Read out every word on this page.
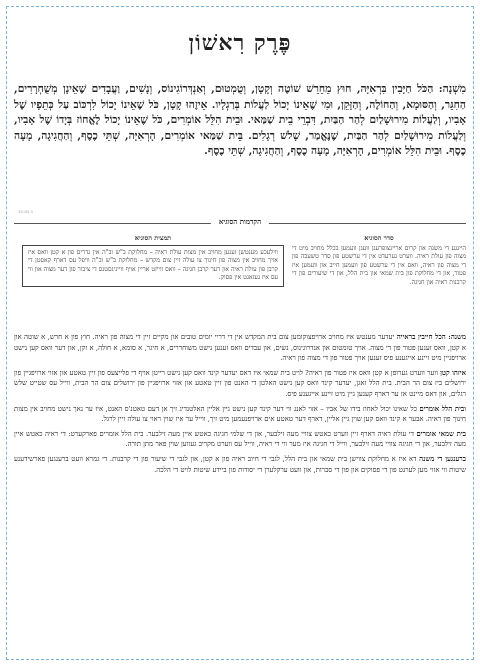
פֶּרֶק רִאשׁוֹן
מִשְׁנָה: הַכֹּל חַיָּבִין בִּרְאִיָּה, חוּץ מֵחֵרֵשׁ שׁוֹטֶה וְקָטָן, וְטֻמְטוּם, וְאַנְדְּרוֹגִינוֹס, וְנָשִׁים, וַעֲבָדִים שֶׁאֵינָן מְשֻׁחְרָרִים, הַחִגֵּר, וְהַסּוּמָא, וְהַחוֹלֶה, וְהַזָּקֵן, וּמִי שֶׁאֵינוֹ יָכוֹל לַעֲלוֹת בְּרַגְלָיו. אֵיזֶהוּ קָטָן, כֹּל שֶׁאֵינוֹ יָכוֹל לִרְכּוֹב עַל כְּתֵפָיו שֶׁל אָבִיו, וְלַעֲלוֹת מִירוּשָׁלַיִם לְהַר הַבַּיִת, דִּבְרֵי בֵית שַׁמַּאי. וּבֵית הִלֵּל אוֹמְרִים, כֹּל שֶׁאֵינוֹ יָכוֹל לֶאֱחוֹז בְּיָדוֹ שֶׁל אָבִיו, וְלַעֲלוֹת מִירוּשָׁלַיִם לְהַר הַבַּיִת, שֶׁנֶּאֱמַר, שָׁלֹשׁ רְגָלִים. בֵּית שַׁמַּאי אוֹמְרִים, הָרְאִיָּה, שְׁתֵּי כֶסֶף, וְהַחֲגִיגָה, מָעָה כֶסֶף. וּבֵית הִלֵּל אוֹמְרִים, הָרְאִיָּה, מָעָה כֶסֶף, וְהַחֲגִיגָה, שְׁתֵּי כֶסֶף.
10.83.1
הקדמות הסוגיא
סדר הסוגיא
היינגע די משנה און קרום אריינצופרעגן וועגן וועמען בכלל מחויב מיט די מצוה פון עולת ראיה. ווערט גערעדט אין די ערשטע פון סדר טשעבה פון די מצוה פון ראיה, וואס אין די ערשטע פון וועמען חייב און וועמען איז פטור, און די מחלוקת פון בית שמאי און בית הלל, און די שיעורים פון די קרבנות ראיה און חגיגה.
תמצית הסוגיא
ווילעכע מענטשן זענען מחויב אין מצות עולת ראיה – מחלוקת ב"ש וב"ה אין גדרים פון א קטן וואס איז אויך מחויב אין מצוה פון חינוך צו עולה זיין צום מקדש – מחלוקת ב"ש וב"ה וויפל עס דארף קאסטן די קרבן פון עולת ראיה און דער קרבן חגיגה – וואס ווייזט אריין אויף ווייניגסטנס די ציבור פון דער מצוה און ווי עס איז געזאגט אין פסוק.

משנה: הכל חייבין בראייה יעדער מענטש איז מחויב ארויפצוקומען צום בית המקדש אין די דריי יומים טובים און מקיים זיין די מצוה פון ראיה. חוץ פון א חרש, א שוטה און א קטן, וואס זענען פטור פון די מצוה. אויך טומטום און אנדרוגינוס, נשים, און עבדים וואס זענען נישט משוחררים, א חיגר, א סומא, א חולה, א זקן, און דער וואס קען נישט ארויפגיין מיט זיינע אייגענע פיס זענען אויך פטור פון די מצוה פון ראיה.

איזהו קטן ווער ווערט גערופן א קטן וואס איז פטור פון ראיה? לויט בית שמאי איז דאס יעדער קינד וואס קען נישט רייטן אויף די פלייצעס פון זיין טאטע און אזוי ארויפגיין פון ירושלים ביז צום הר הבית. בית הלל זאגן, יעדער קינד וואס קען נישט האלטן די האנט פון זיין טאטע און אזוי ארויפגיין פון ירושלים צום הר הבית, ווייל עס שטייט שלש רגלים, און דאס מיינט אז ער דארף קענען גיין מיט זיינע אייגענע פיס.

ובית הלל אומרים כל שאינו יכול לאחוז בידו של אביו – אזוי לאנג ווי דער קינד קען נישט גיין אליין האלטנדיג זיך אן דעם טאטנ'ס האנט, איז ער נאך נישט מחויב אין מצות חינוך פון ראיה. אבער א קינד וואס קען שוין גיין אליין, דארף דער טאטע אים ארויפנעמען מיט זיך, ווייל ער איז שוין ראוי צו עולה זיין לרגל.

בית שמאי אומרים די עולת ראיה דארף זיין ווערט כאטש צוויי מעה זילבער, און די שלמי חגיגה כאטש איין מעה זילבער. בית הלל אומרים פארקערט: די ראיה כאטש איין מעה זילבער, און די חגיגה צוויי מעה זילבער, ווייל די חגיגה איז מער ווי די ראיה, ווייל עס ווערט מקריב געווען שוין פאר מתן תורה.

ברענגען די משנה דא איז א מחלוקת צווישן בית שמאי און בית הלל, לגבי די חיוב ראיה פון א קטן, און לגבי די שיעור פון די קרבנות. די גמרא וועט ברענגען פארשידענע שיטות ווי אזוי מען לערנט פון די פסוקים און פון די סברות, און וועט ערקלערן די יסודות פון ביידע שיטות לויט די הלכה.
